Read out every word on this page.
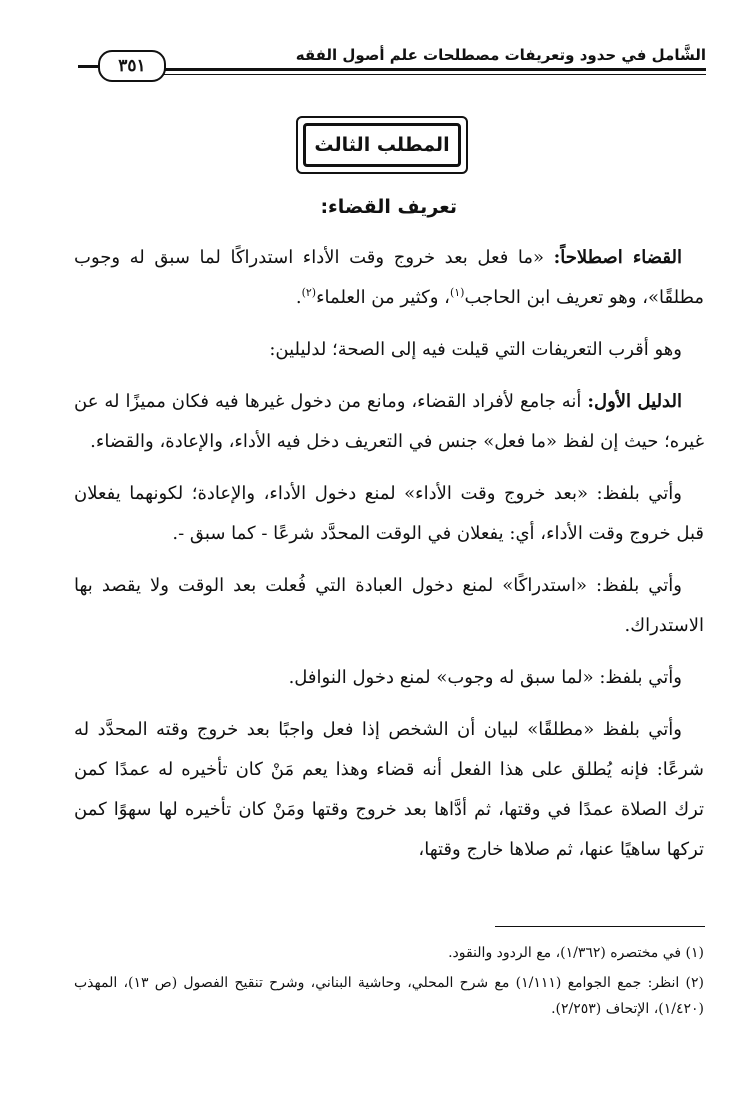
الشَّامل في حدود وتعريفات مصطلحات علم أصول الفقه
٣٥١
المطلب الثالث
تعريف القضاء:

القضاء اصطلاحاً: «ما فعل بعد خروج وقت الأداء استدراكًا لما سبق له وجوب مطلقًا»، وهو تعريف ابن الحاجب$^{(١)}$، وكثير من العلماء$^{(٢)}$.

وهو أقرب التعريفات التي قيلت فيه إلى الصحة؛ لدليلين:

الدليل الأول: أنه جامع لأفراد القضاء، ومانع من دخول غيرها فيه فكان مميزًا له عن غيره؛ حيث إن لفظ «ما فعل» جنس في التعريف دخل فيه الأداء، والإعادة، والقضاء.

وأتي بلفظ: «بعد خروج وقت الأداء» لمنع دخول الأداء، والإعادة؛ لكونهما يفعلان قبل خروج وقت الأداء، أي: يفعلان في الوقت المحدَّد شرعًا - كما سبق -.

وأتي بلفظ: «استدراكًا» لمنع دخول العبادة التي فُعلت بعد الوقت ولا يقصد بها الاستدراك.

وأتي بلفظ: «لما سبق له وجوب» لمنع دخول النوافل.

وأتي بلفظ «مطلقًا» لبيان أن الشخص إذا فعل واجبًا بعد خروج وقته المحدَّد له شرعًا: فإنه يُطلق على هذا الفعل أنه قضاء وهذا يعم مَنْ كان تأخيره له عمدًا كمن ترك الصلاة عمدًا في وقتها، ثم أدَّاها بعد خروج وقتها ومَنْ كان تأخيره لها سهوًا كمن تركها ساهيًا عنها، ثم صلاها خارج وقتها،

(١) في مختصره (١/٣٦٢)، مع الردود والنقود.
(٢) انظر: جمع الجوامع (١/١١١) مع شرح المحلي، وحاشية البناني، وشرح تنقيح الفصول (ص ١٣)، المهذب (١/٤٢٠)، الإتحاف (٢/٢٥٣).
